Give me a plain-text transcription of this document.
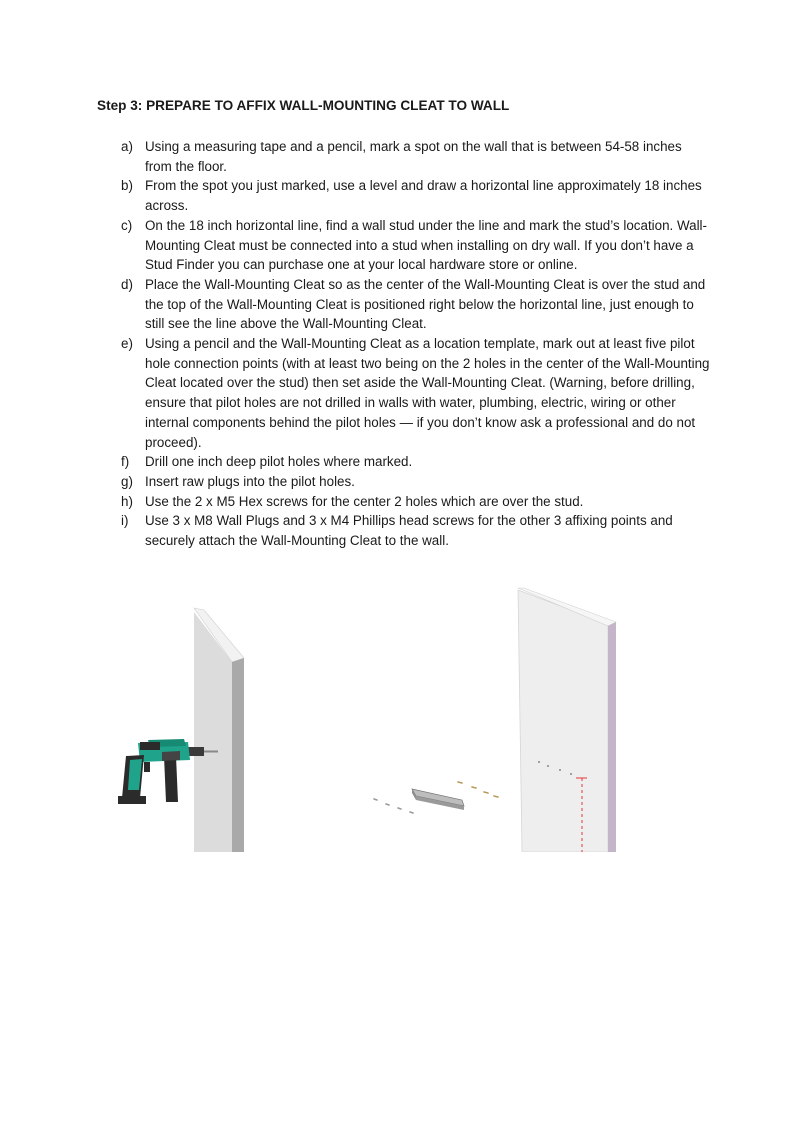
Step 3: PREPARE TO AFFIX WALL-MOUNTING CLEAT TO WALL
a) Using a measuring tape and a pencil, mark a spot on the wall that is between 54-58 inches from the floor.
b) From the spot you just marked, use a level and draw a horizontal line approximately 18 inches across.
c) On the 18 inch horizontal line, find a wall stud under the line and mark the stud’s location. Wall-Mounting Cleat must be connected into a stud when installing on dry wall. If you don’t have a Stud Finder you can purchase one at your local hardware store or online.
d) Place the Wall-Mounting Cleat so as the center of the Wall-Mounting Cleat is over the stud and the top of the Wall-Mounting Cleat is positioned right below the horizontal line, just enough to still see the line above the Wall-Mounting Cleat.
e) Using a pencil and the Wall-Mounting Cleat as a location template, mark out at least five pilot hole connection points (with at least two being on the 2 holes in the center of the Wall-Mounting Cleat located over the stud) then set aside the Wall-Mounting Cleat. (Warning, before drilling, ensure that pilot holes are not drilled in walls with water, plumbing, electric, wiring or other internal components behind the pilot holes — if you don’t know ask a professional and do not proceed).
f)	Drill one inch deep pilot holes where marked.
g) Insert raw plugs into the pilot holes.
h) Use the 2 x M5 Hex screws for the center 2 holes which are over the stud.
i)	Use 3 x M8 Wall Plugs and 3 x M4 Phillips head screws for the other 3 affixing points and securely attach the Wall-Mounting Cleat to the wall.
